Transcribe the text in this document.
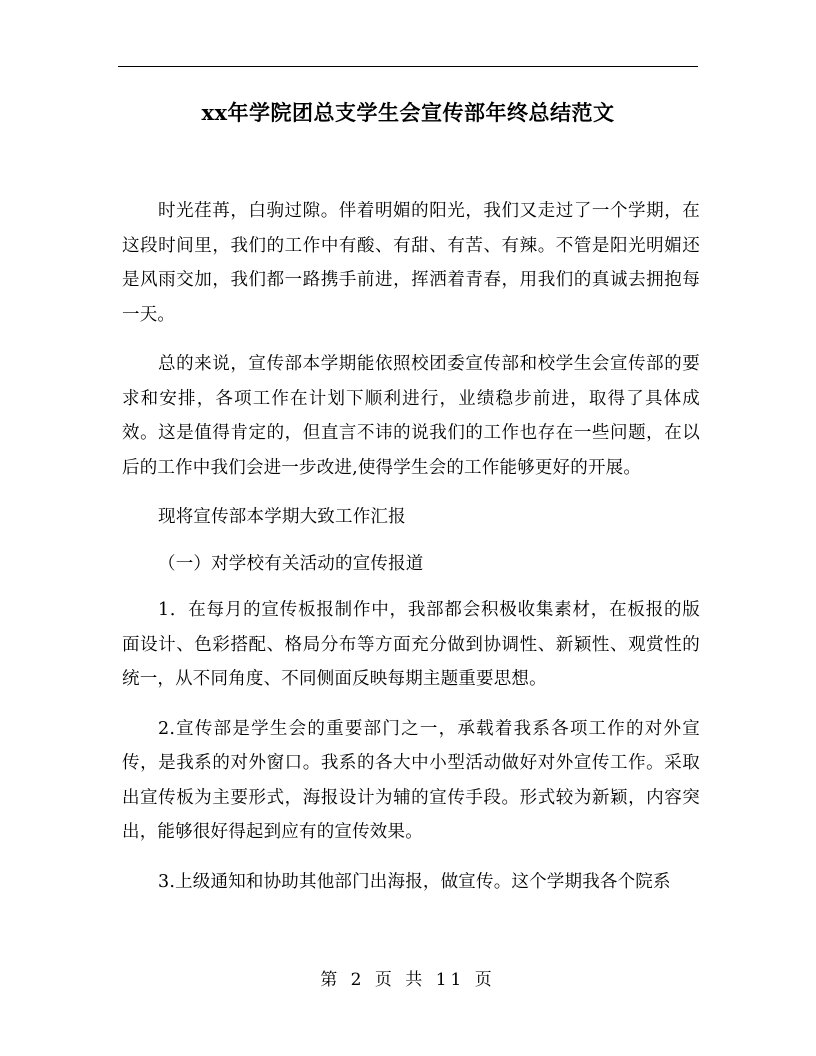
xx年学院团总支学生会宣传部年终总结范文

时光荏苒，白驹过隙。伴着明媚的阳光，我们又走过了一个学期，在这段时间里，我们的工作中有酸、有甜、有苦、有辣。不管是阳光明媚还是风雨交加，我们都一路携手前进，挥洒着青春，用我们的真诚去拥抱每一天。

总的来说，宣传部本学期能依照校团委宣传部和校学生会宣传部的要求和安排，各项工作在计划下顺利进行，业绩稳步前进，取得了具体成效。这是值得肯定的，但直言不讳的说我们的工作也存在一些问题，在以后的工作中我们会进一步改进,使得学生会的工作能够更好的开展。

现将宣传部本学期大致工作汇报

（一）对学校有关活动的宣传报道

1．在每月的宣传板报制作中，我部都会积极收集素材，在板报的版面设计、色彩搭配、格局分布等方面充分做到协调性、新颖性、观赏性的统一，从不同角度、不同侧面反映每期主题重要思想。

2.宣传部是学生会的重要部门之一，承载着我系各项工作的对外宣传，是我系的对外窗口。我系的各大中小型活动做好对外宣传工作。采取出宣传板为主要形式，海报设计为辅的宣传手段。形式较为新颖，内容突出，能够很好得起到应有的宣传效果。

3.上级通知和协助其他部门出海报，做宣传。这个学期我各个院系

第 2 页 共 11 页
